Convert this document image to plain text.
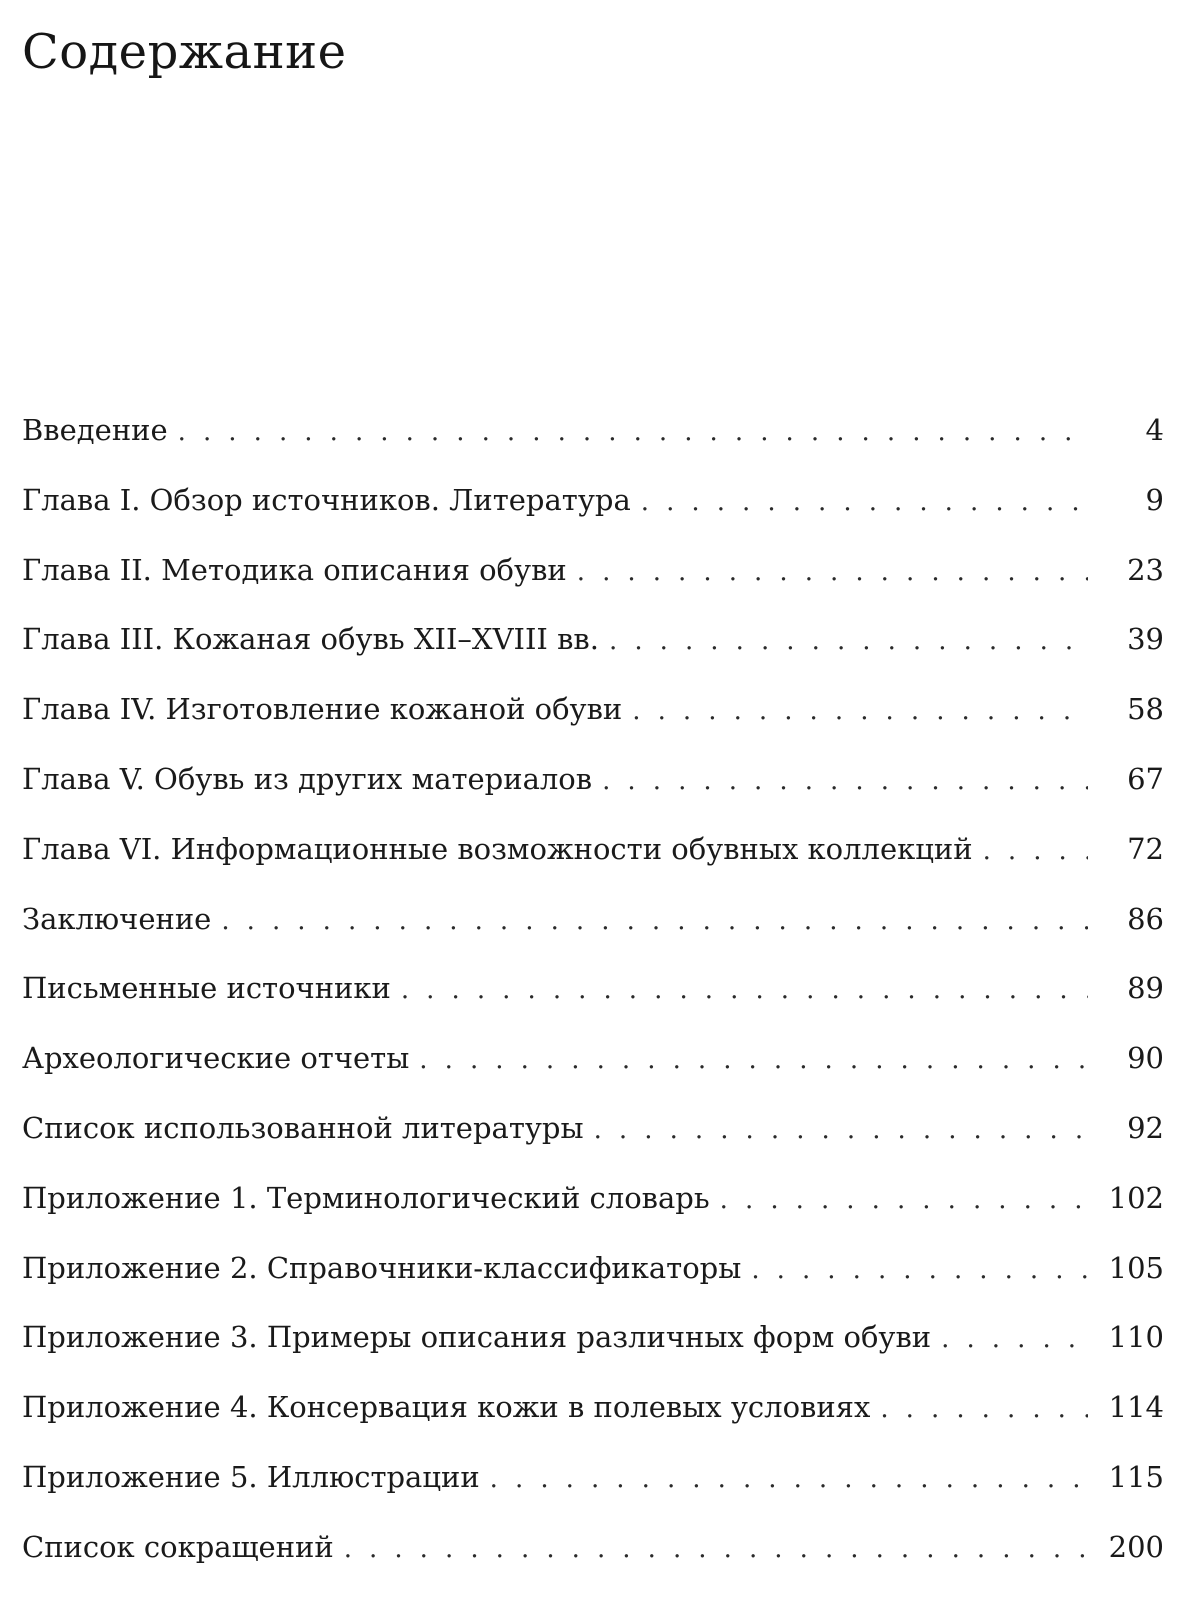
Содержание
Введение . . .	4
Глава I. Обзор источников. Литература . . .	9
Глава II. Методика описания обуви . . .	23
Глава III. Кожаная обувь XII–XVIII вв. . . .	39
Глава IV. Изготовление кожаной обуви . . .	58
Глава V. Обувь из других материалов . . .	67
Глава VI. Информационные возможности обувных коллекций . . .	72
Заключение . . .	86
Письменные источники . . .	89
Археологические отчеты . . .	90
Список использованной литературы . . .	92
Приложение 1. Терминологический словарь . . .	102
Приложение 2. Справочники-классификаторы . . .	105
Приложение 3. Примеры описания различных форм обуви . . .	110
Приложение 4. Консервация кожи в полевых условиях . . .	114
Приложение 5. Иллюстрации . . .	115
Список сокращений . . .	200
